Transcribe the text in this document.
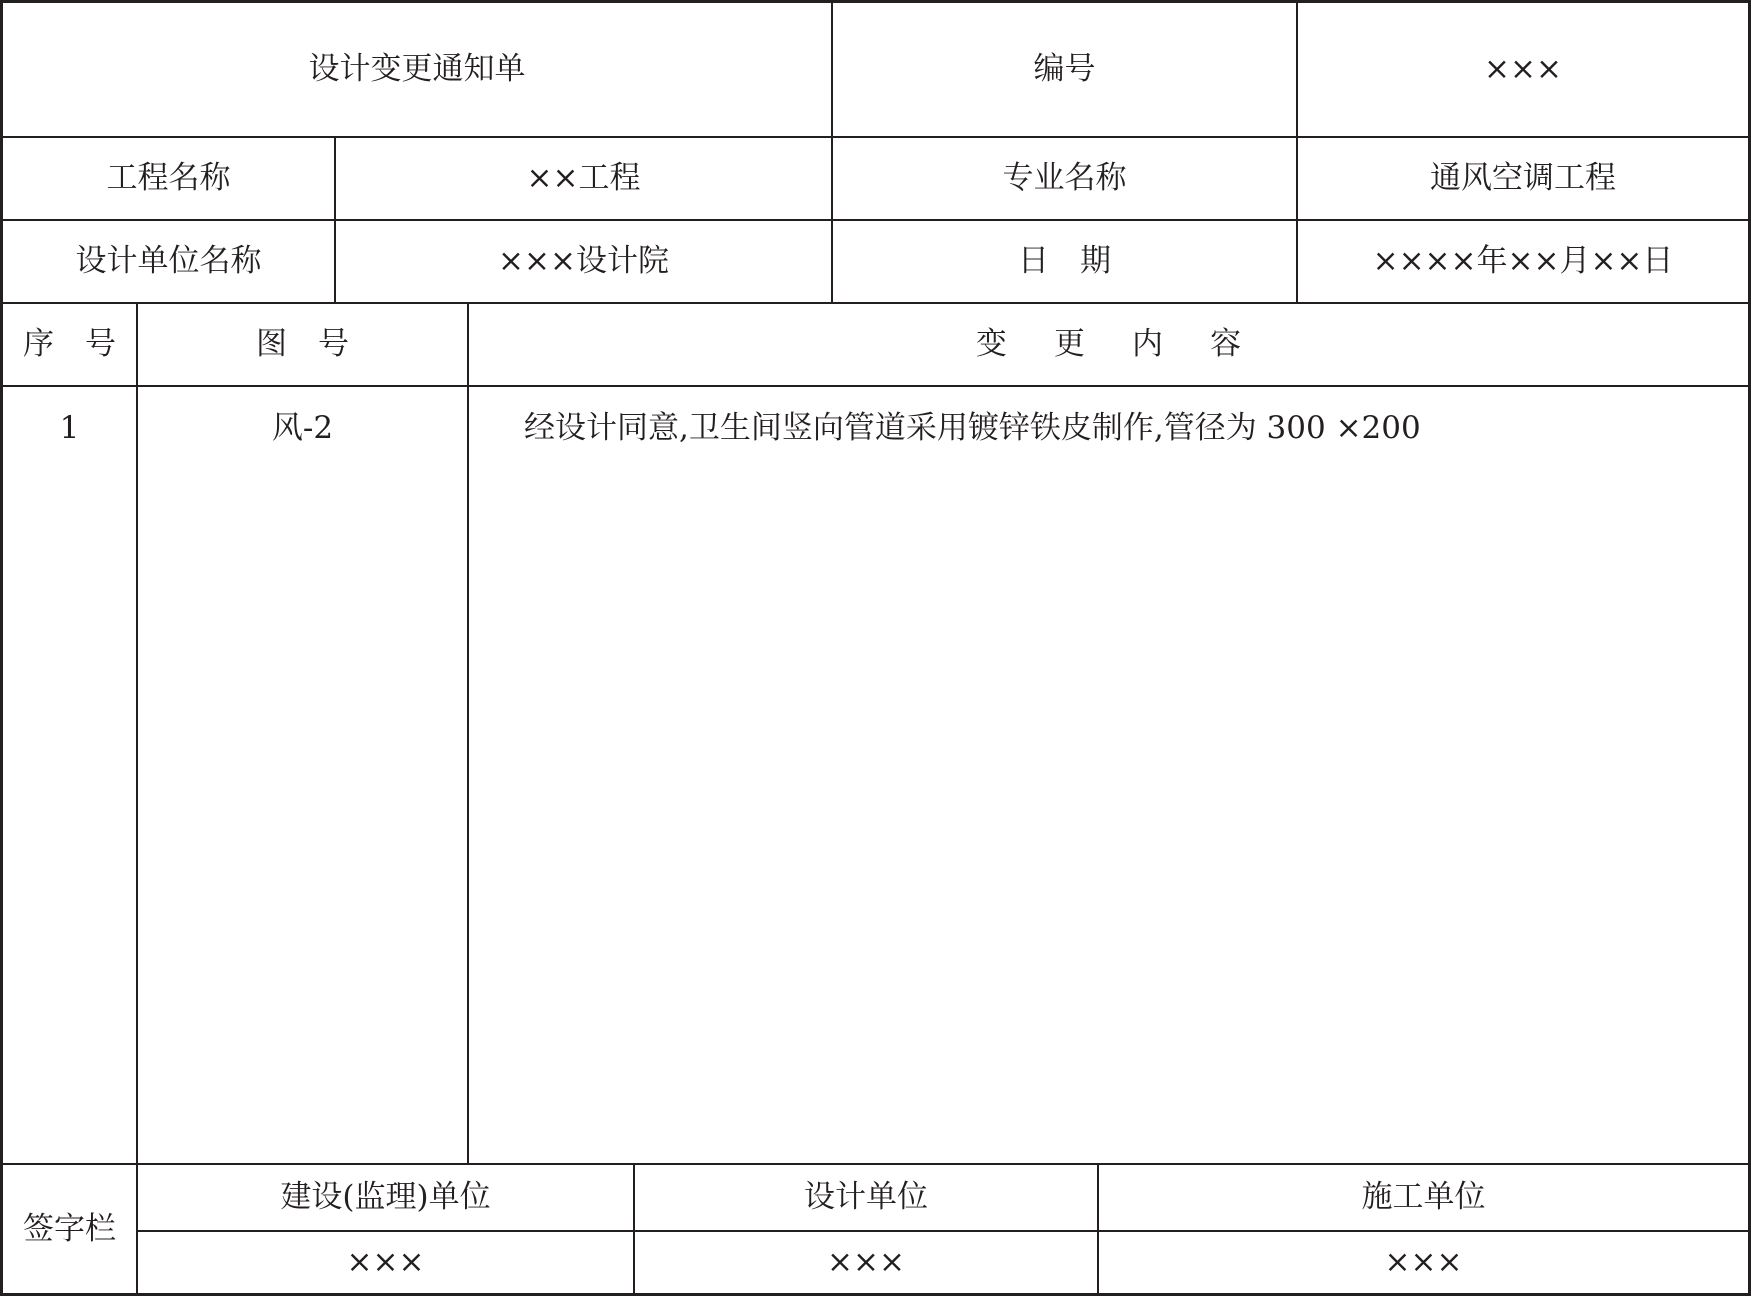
设计变更通知单	编号	×××
工程名称	××工程	专业名称	通风空调工程
设计单位名称	×××设计院	日　期	××××年××月××日
序　号	图　号	变 更 内 容
1	风-2	经设计同意,卫生间竖向管道采用镀锌铁皮制作,管径为 300 ×200
签字栏
建设(监理)单位	设计单位	施工单位
×××	×××	×××
